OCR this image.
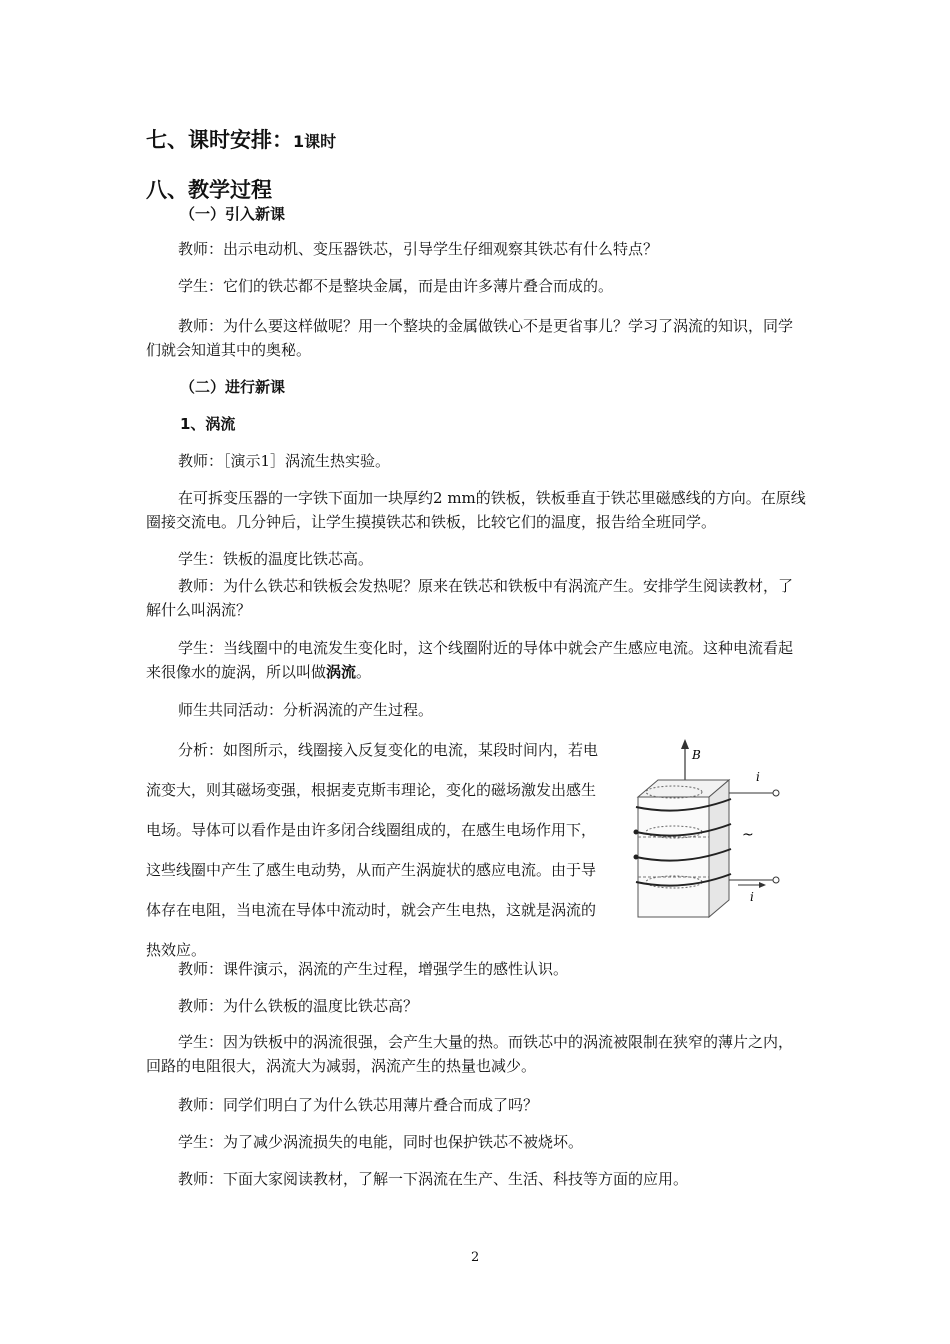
七、课时安排：1课时
八、教学过程
（一）引入新课
教师：出示电动机、变压器铁芯，引导学生仔细观察其铁芯有什么特点？
学生：它们的铁芯都不是整块金属，而是由许多薄片叠合而成的。
教师：为什么要这样做呢？用一个整块的金属做铁心不是更省事儿？学习了涡流的知识，同学们就会知道其中的奥秘。
（二）进行新课
1、涡流
教师：［演示1］涡流生热实验。
在可拆变压器的一字铁下面加一块厚约2 mm的铁板，铁板垂直于铁芯里磁感线的方向。在原线圈接交流电。几分钟后，让学生摸摸铁芯和铁板，比较它们的温度，报告给全班同学。
学生：铁板的温度比铁芯高。
教师：为什么铁芯和铁板会发热呢？原来在铁芯和铁板中有涡流产生。安排学生阅读教材，了解什么叫涡流？
学生：当线圈中的电流发生变化时，这个线圈附近的导体中就会产生感应电流。这种电流看起来很像水的旋涡，所以叫做涡流。
师生共同活动：分析涡流的产生过程。
分析：如图所示，线圈接入反复变化的电流，某段时间内，若电流变大，则其磁场变强，根据麦克斯韦理论，变化的磁场激发出感生电场。导体可以看作是由许多闭合线圈组成的，在感生电场作用下，这些线圈中产生了感生电动势，从而产生涡旋状的感应电流。由于导体存在电阻，当电流在导体中流动时，就会产生电热，这就是涡流的热效应。
B
i
~
i
教师：课件演示，涡流的产生过程，增强学生的感性认识。
教师：为什么铁板的温度比铁芯高？
学生：因为铁板中的涡流很强，会产生大量的热。而铁芯中的涡流被限制在狭窄的薄片之内，回路的电阻很大，涡流大为减弱，涡流产生的热量也减少。
教师：同学们明白了为什么铁芯用薄片叠合而成了吗？
学生：为了减少涡流损失的电能，同时也保护铁芯不被烧坏。
教师：下面大家阅读教材，了解一下涡流在生产、生活、科技等方面的应用。
2
